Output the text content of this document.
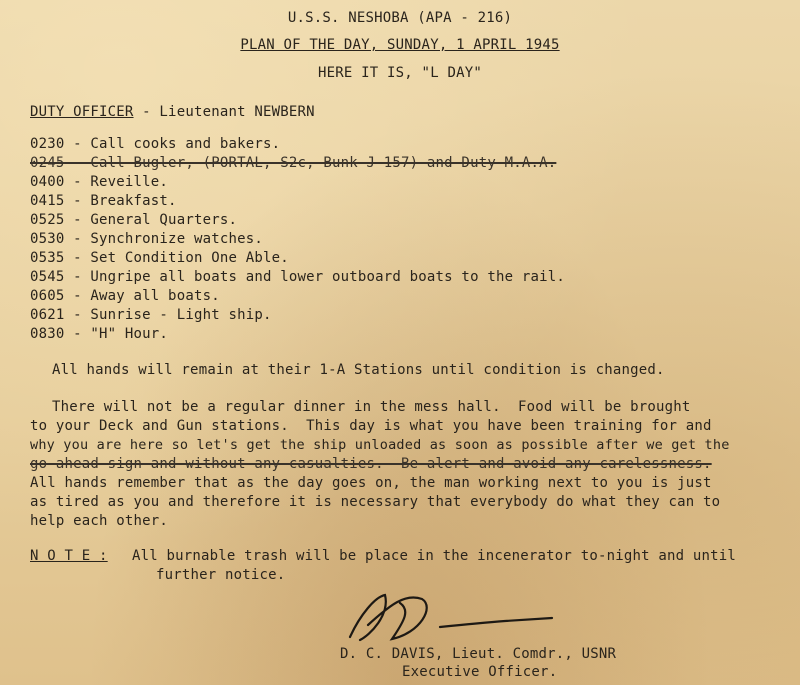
U.S.S. NESHOBA (APA - 216)
PLAN OF THE DAY, SUNDAY, 1 APRIL 1945
HERE IT IS, "L DAY"
DUTY OFFICER - Lieutenant NEWBERN
0230 - Call cooks and bakers.
0245 - Call Bugler, (PORTAL, S2c, Bunk J-157) and Duty M.A.A.
0400 - Reveille.
0415 - Breakfast.
0525 - General Quarters.
0530 - Synchronize watches.
0535 - Set Condition One Able.
0545 - Ungripe all boats and lower outboard boats to the rail.
0605 - Away all boats.
0621 - Sunrise - Light ship.
0830 - "H" Hour.
All hands will remain at their 1-A Stations until condition is changed.
There will not be a regular dinner in the mess hall.  Food will be brought
to your Deck and Gun stations.  This day is what you have been training for and
why you are here so let's get the ship unloaded as soon as possible after we get the
go ahead sign and without any casualties.  Be alert and avoid any carelessness.
All hands remember that as the day goes on, the man working next to you is just
as tired as you and therefore it is necessary that everybody do what they can to
help each other.
N O T E : All burnable trash will be place in the incenerator to-night and until
further notice.
D. C. DAVIS, Lieut. Comdr., USNR
Executive Officer.
